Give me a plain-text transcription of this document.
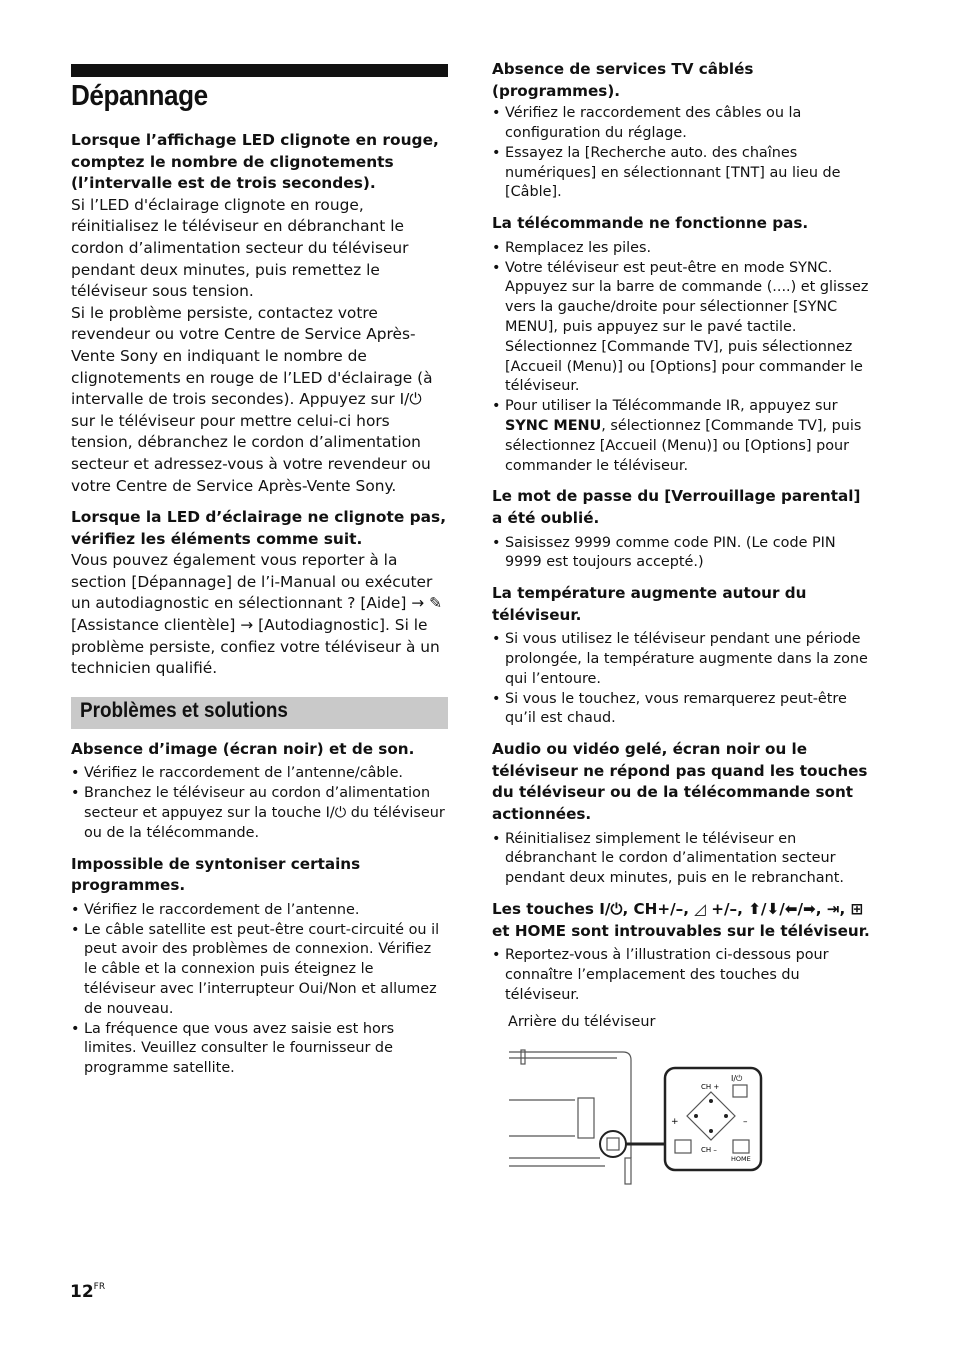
Dépannage

Lorsque l’affichage LED clignote en rouge, comptez le nombre de clignotements (l’intervalle est de trois secondes).

Si l’LED d'éclairage clignote en rouge, réinitialisez le téléviseur en débranchant le cordon d’alimentation secteur du téléviseur pendant deux minutes, puis remettez le téléviseur sous tension.

Si le problème persiste, contactez votre revendeur ou votre Centre de Service Après-Vente Sony en indiquant le nombre de clignotements en rouge de l’LED d'éclairage (à intervalle de trois secondes). Appuyez sur I/⏻ sur le téléviseur pour mettre celui-ci hors tension, débranchez le cordon d’alimentation secteur et adressez-vous à votre revendeur ou votre Centre de Service Après-Vente Sony.

Lorsque la LED d’éclairage ne clignote pas, vérifiez les éléments comme suit.

Vous pouvez également vous reporter à la section [Dépannage] de l’i-Manual ou exécuter un autodiagnostic en sélectionnant ? [Aide] → ✎ [Assistance clientèle] → [Autodiagnostic]. Si le problème persiste, confiez votre téléviseur à un technicien qualifié.

Problèmes et solutions

Absence d’image (écran noir) et de son.

• Vérifiez le raccordement de l’antenne/câble.

• Branchez le téléviseur au cordon d’alimentation secteur et appuyez sur la touche I/⏻ du téléviseur ou de la télécommande.

Impossible de syntoniser certains programmes.

• Vérifiez le raccordement de l’antenne.

• Le câble satellite est peut-être court-circuité ou il peut avoir des problèmes de connexion. Vérifiez le câble et la connexion puis éteignez le téléviseur avec l’interrupteur Oui/Non et allumez de nouveau.

• La fréquence que vous avez saisie est hors limites. Veuillez consulter le fournisseur de programme satellite.

Absence de services TV câblés (programmes).

• Vérifiez le raccordement des câbles ou la configuration du réglage.

• Essayez la [Recherche auto. des chaînes numériques] en sélectionnant [TNT] au lieu de [Câble].

La télécommande ne fonctionne pas.

• Remplacez les piles.

• Votre téléviseur est peut-être en mode SYNC. Appuyez sur la barre de commande (....) et glissez vers la gauche/droite pour sélectionner [SYNC MENU], puis appuyez sur le pavé tactile. Sélectionnez [Commande TV], puis sélectionnez [Accueil (Menu)] ou [Options] pour commander le téléviseur.

• Pour utiliser la Télécommande IR, appuyez sur SYNC MENU, sélectionnez [Commande TV], puis sélectionnez [Accueil (Menu)] ou [Options] pour commander le téléviseur.

Le mot de passe du [Verrouillage parental] a été oublié.

• Saisissez 9999 comme code PIN. (Le code PIN 9999 est toujours accepté.)

La température augmente autour du téléviseur.

• Si vous utilisez le téléviseur pendant une période prolongée, la température augmente dans la zone qui l’entoure.

• Si vous le touchez, vous remarquerez peut-être qu’il est chaud.

Audio ou vidéo gelé, écran noir ou le téléviseur ne répond pas quand les touches du téléviseur ou de la télécommande sont actionnées.

• Réinitialisez simplement le téléviseur en débranchant le cordon d’alimentation secteur pendant deux minutes, puis en le rebranchant.

Les touches I/⏻, CH+/–, ◿ +/–, ⬆/⬇/⬅/➡, ⇥, ⊞ et HOME sont introuvables sur le téléviseur.

• Reportez-vous à l’illustration ci-dessous pour connaître l’emplacement des touches du téléviseur.

Arrière du téléviseur

I/⏻
CH +
CH –
+	–
HOME
$12^{FR}$
